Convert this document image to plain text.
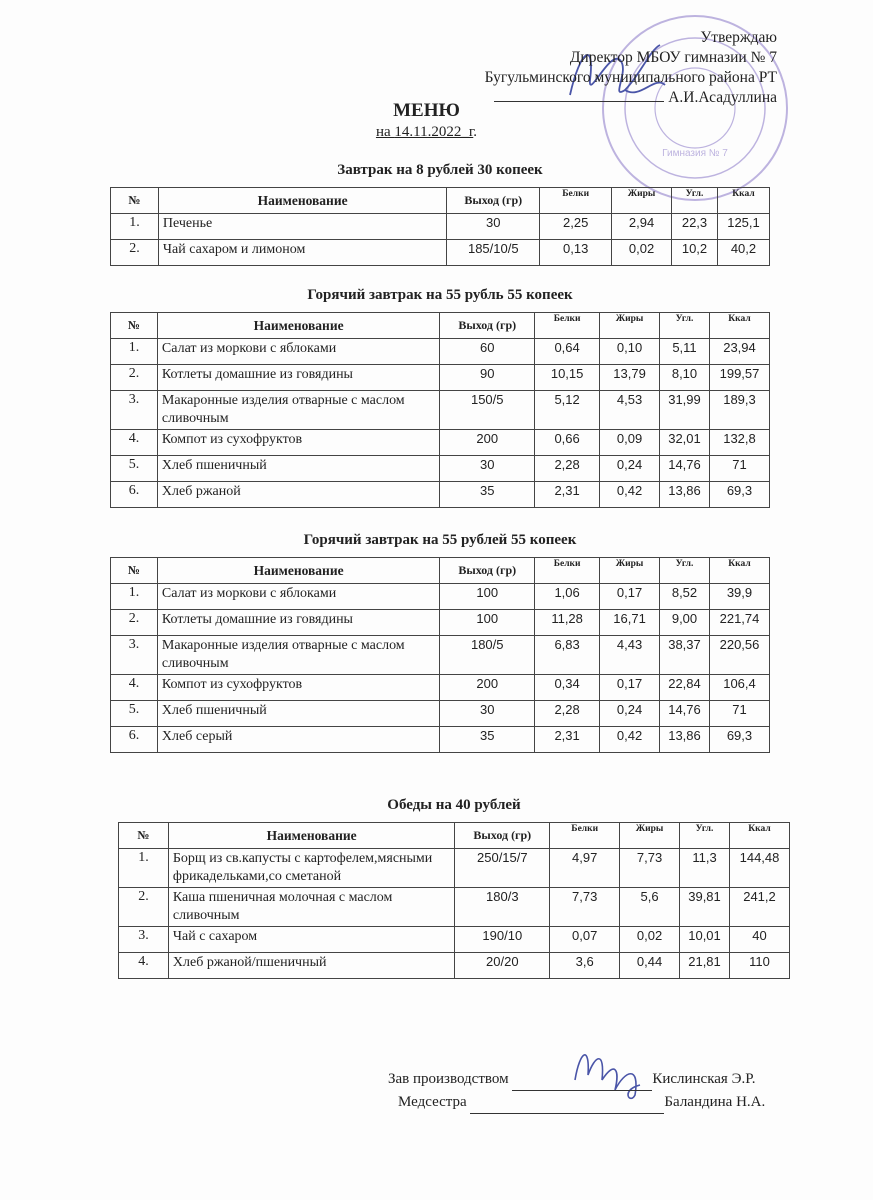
Гимназия № 7
Утверждаю
Директор МБОУ гимназии № 7
Бугульминского муниципального района РТ
А.И.Асадуллина
МЕНЮ
на 14.11.2022_г.
Зав производством	Кислинская Э.Р.
Медсестра	Баландина Н.А.
Завтрак на 8 рублей 30 копеек
№	Наименование	Выход (гр)	Белки	Жиры	Угл.	Ккал
1.	Печенье	30	2,25	2,94	22,3	125,1
2.	Чай сахаром и лимоном	185/10/5	0,13	0,02	10,2	40,2
Горячий завтрак на 55 рубль 55 копеек
№	Наименование	Выход (гр)	Белки	Жиры	Угл.	Ккал
1.	Салат из моркови с яблоками	60	0,64	0,10	5,11	23,94
2.	Котлеты домашние из говядины	90	10,15	13,79	8,10	199,57
3.	Макаронные изделия отварные с маслом сливочным	150/5	5,12	4,53	31,99	189,3
4.	Компот из сухофруктов	200	0,66	0,09	32,01	132,8
5.	Хлеб пшеничный	30	2,28	0,24	14,76	71
6.	Хлеб ржаной	35	2,31	0,42	13,86	69,3
Горячий завтрак на 55 рублей 55 копеек
№	Наименование	Выход (гр)	Белки	Жиры	Угл.	Ккал
1.	Салат из моркови с яблоками	100	1,06	0,17	8,52	39,9
2.	Котлеты домашние из говядины	100	11,28	16,71	9,00	221,74
3.	Макаронные изделия отварные с маслом сливочным	180/5	6,83	4,43	38,37	220,56
4.	Компот из сухофруктов	200	0,34	0,17	22,84	106,4
5.	Хлеб пшеничный	30	2,28	0,24	14,76	71
6.	Хлеб серый	35	2,31	0,42	13,86	69,3
Обеды на 40 рублей
№	Наименование	Выход (гр)	Белки	Жиры	Угл.	Ккал
1.	Борщ из св.капусты с картофелем,мясными фрикадельками,со сметаной	250/15/7	4,97	7,73	11,3	144,48
2.	Каша пшеничная молочная с маслом сливочным	180/3	7,73	5,6	39,81	241,2
3.	Чай с сахаром	190/10	0,07	0,02	10,01	40
4.	Хлеб ржаной/пшеничный	20/20	3,6	0,44	21,81	110
